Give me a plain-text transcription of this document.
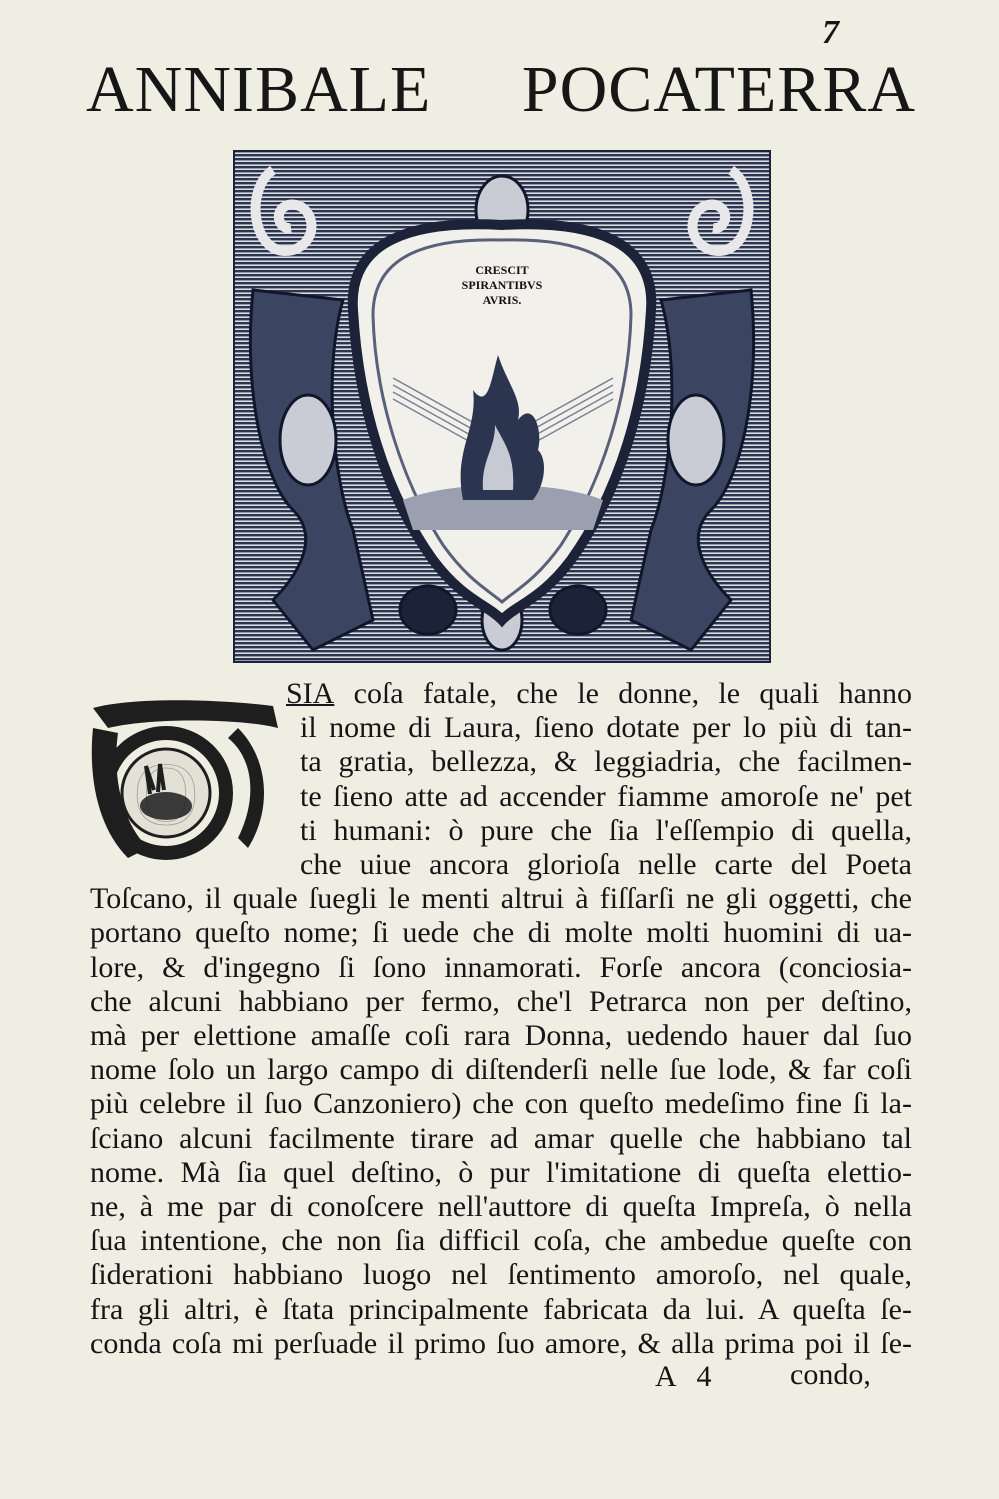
7
ANNIBALE POCATERRA
CRESCIT
SPIRANTIBVS
AVRIS.
O
SIA coſa fatale, che le donne, le quali hanno
il nome di Laura, ſieno dotate per lo più di tan-
ta gratia, bellezza, & leggiadria, che facilmen-
te ſieno atte ad accender fiamme amoroſe ne' pet
ti humani: ò pure che ſia l'eſſempio di quella,
che uiue ancora glorioſa nelle carte del Poeta
Toſcano, il quale ſuegli le menti altrui à fiſſarſi ne gli oggetti, che
portano queſto nome; ſi uede che di molte molti huomini di ua-
lore, & d'ingegno ſi ſono innamorati. Forſe ancora (conciosia-
che alcuni habbiano per fermo, che'l Petrarca non per deſtino,
mà per elettione amaſſe coſi rara Donna, uedendo hauer dal ſuo
nome ſolo un largo campo di diſtenderſi nelle ſue lode, & far coſi
più celebre il ſuo Canzoniero) che con queſto medeſimo fine ſi la-
ſciano alcuni facilmente tirare ad amar quelle che habbiano tal
nome. Mà ſia quel deſtino, ò pur l'imitatione di queſta elettio-
ne, à me par di conoſcere nell'auttore di queſta Impreſa, ò nella
ſua intentione, che non ſia difficil coſa, che ambedue queſte con
ſiderationi habbiano luogo nel ſentimento amoroſo, nel quale,
fra gli altri, è ſtata principalmente fabricata da lui. A queſta ſe-
conda coſa mi perſuade il primo ſuo amore, & alla prima poi il ſe-
A 4	condo,
